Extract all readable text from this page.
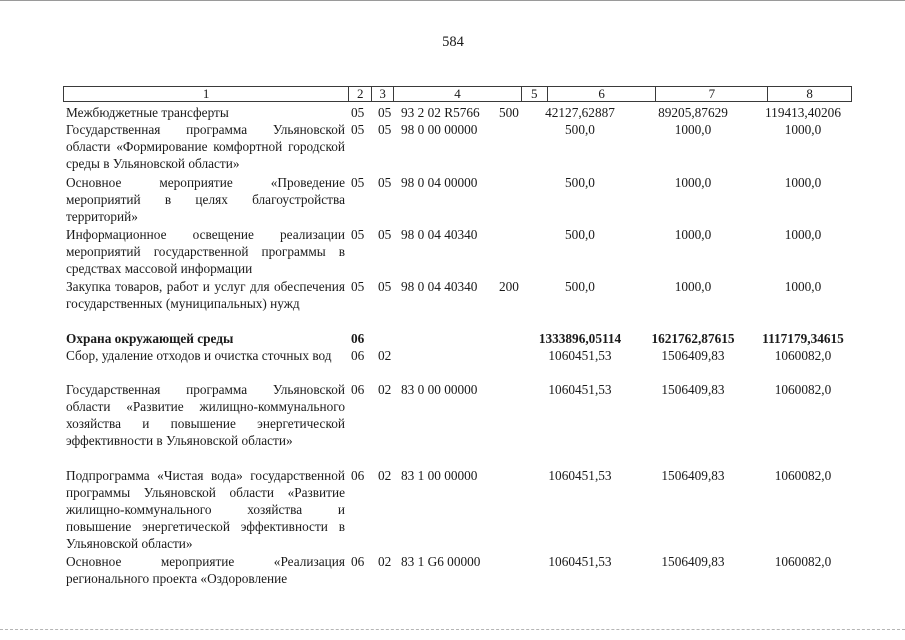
584
1	2	3	4	5	6	7	8
Межбюджетные трансферты	05 05 93 2 02 R5766 500	42127,62887	89205,87629	119413,40206
Государственная программа Ульяновской области «Формирование комфортной городской среды в Ульяновской области»
05 05 98 0 00 00000	500,0	1000,0	1000,0
Основное мероприятие «Проведение мероприятий в целях благоустройства территорий»
05 05 98 0 04 00000	500,0	1000,0	1000,0
Информационное освещение реализации мероприятий государственной программы в средствах массовой информации
05 05 98 0 04 40340	500,0	1000,0	1000,0
Закупка товаров, работ и услуг для обеспечения государственных (муниципальных) нужд
05 05 98 0 04 40340 200	500,0	1000,0	1000,0
Охрана окружающей среды	06	1333896,05114	1621762,87615	1117179,34615
Сбор, удаление отходов и очистка сточных вод	06 02	1060451,53	1506409,83	1060082,0
Государственная программа Ульяновской области «Развитие жилищно-коммунального хозяйства и повышение энергетической эффективности в Ульяновской области»
06 02 83 0 00 00000	1060451,53	1506409,83	1060082,0
Подпрограмма «Чистая вода» государственной программы Ульяновской области «Развитие жилищно-коммунального хозяйства и повышение энергетической эффективности в Ульяновской области»
06 02 83 1 00 00000	1060451,53	1506409,83	1060082,0
Основное мероприятие «Реализация регионального проекта «Оздоровление
06 02 83 1 G6 00000	1060451,53	1506409,83	1060082,0
